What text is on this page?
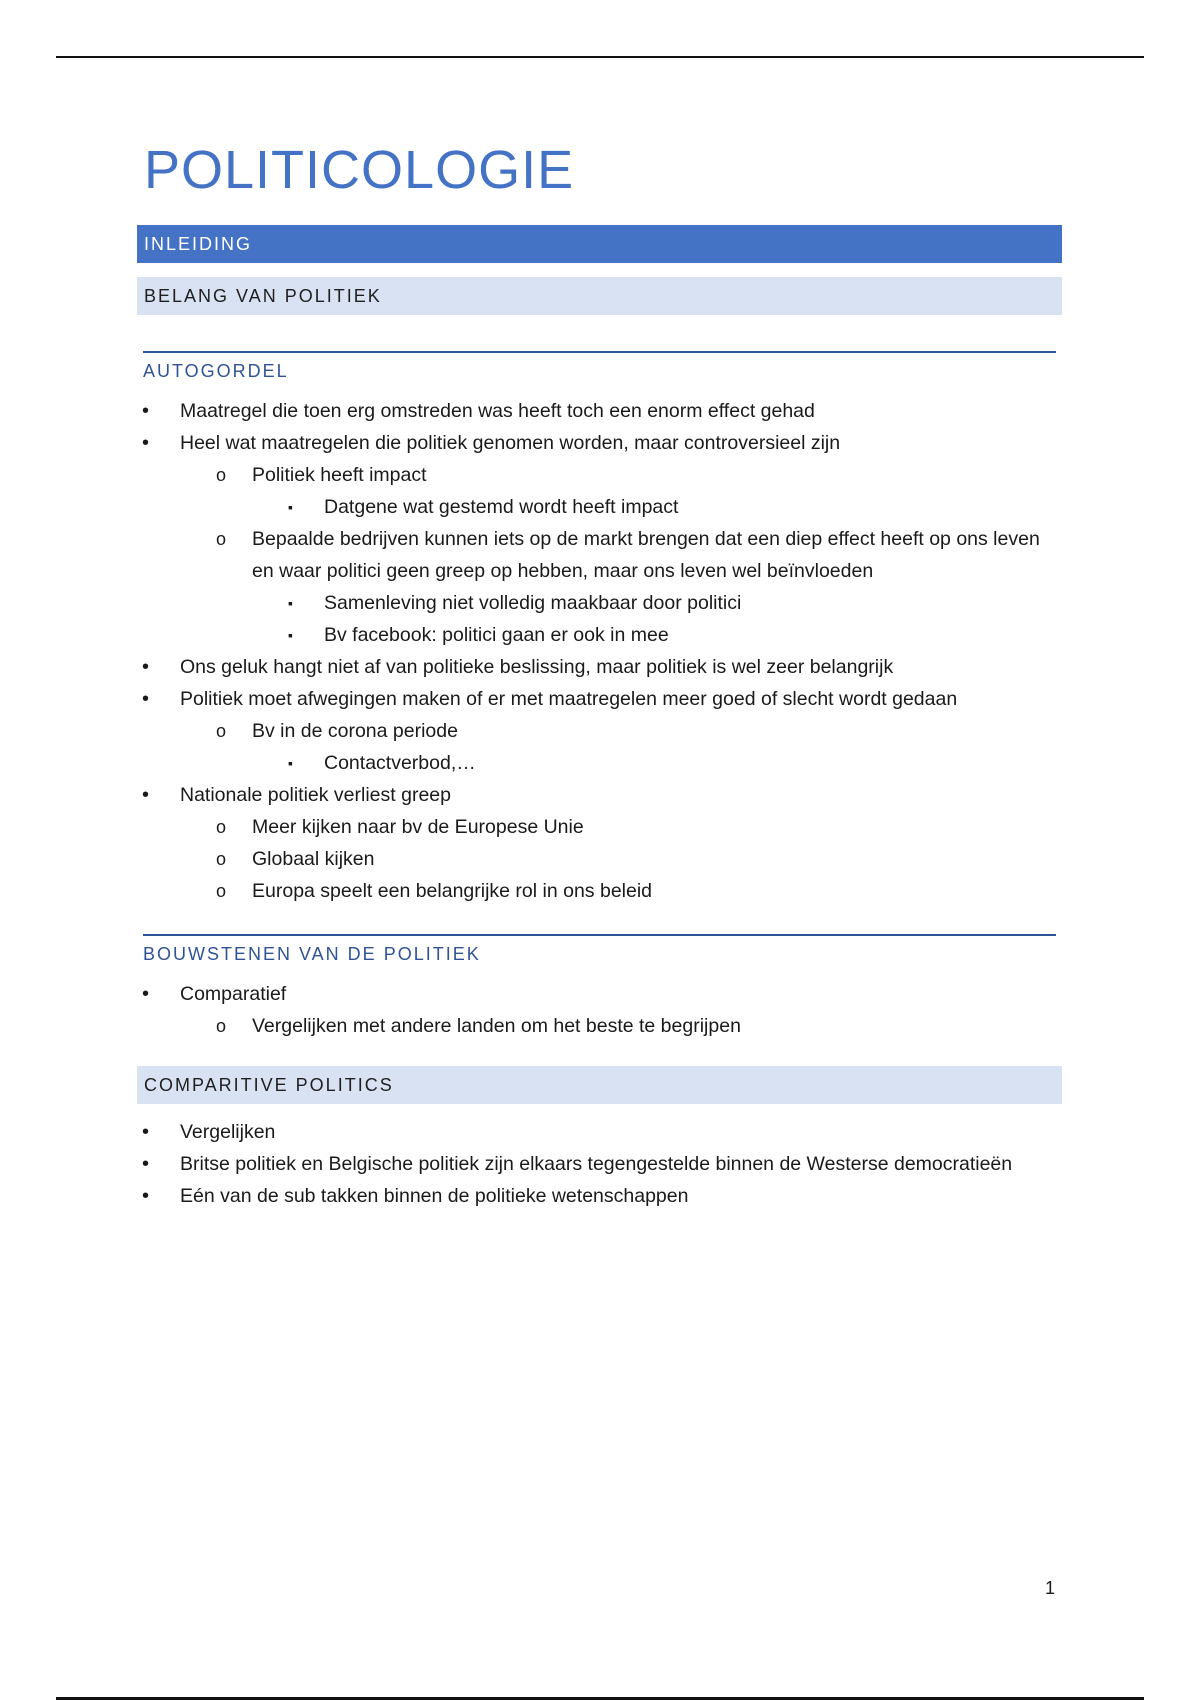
POLITICOLOGIE
INLEIDING
BELANG VAN POLITIEK
AUTOGORDEL
• Maatregel die toen erg omstreden was heeft toch een enorm effect gehad
• Heel wat maatregelen die politiek genomen worden, maar controversieel zijn
o Politiek heeft impact
▪ Datgene wat gestemd wordt heeft impact
o Bepaalde bedrijven kunnen iets op de markt brengen dat een diep effect heeft op ons leven en waar politici geen greep op hebben, maar ons leven wel beïnvloeden
▪ Samenleving niet volledig maakbaar door politici
▪ Bv facebook: politici gaan er ook in mee
• Ons geluk hangt niet af van politieke beslissing, maar politiek is wel zeer belangrijk
• Politiek moet afwegingen maken of er met maatregelen meer goed of slecht wordt gedaan
o Bv in de corona periode
▪ Contactverbod,…
• Nationale politiek verliest greep
o Meer kijken naar bv de Europese Unie
o Globaal kijken
o Europa speelt een belangrijke rol in ons beleid
BOUWSTENEN VAN DE POLITIEK
• Comparatief
o Vergelijken met andere landen om het beste te begrijpen
COMPARITIVE POLITICS
• Vergelijken
• Britse politiek en Belgische politiek zijn elkaars tegengestelde binnen de Westerse democratieën
• Eén van de sub takken binnen de politieke wetenschappen
1
